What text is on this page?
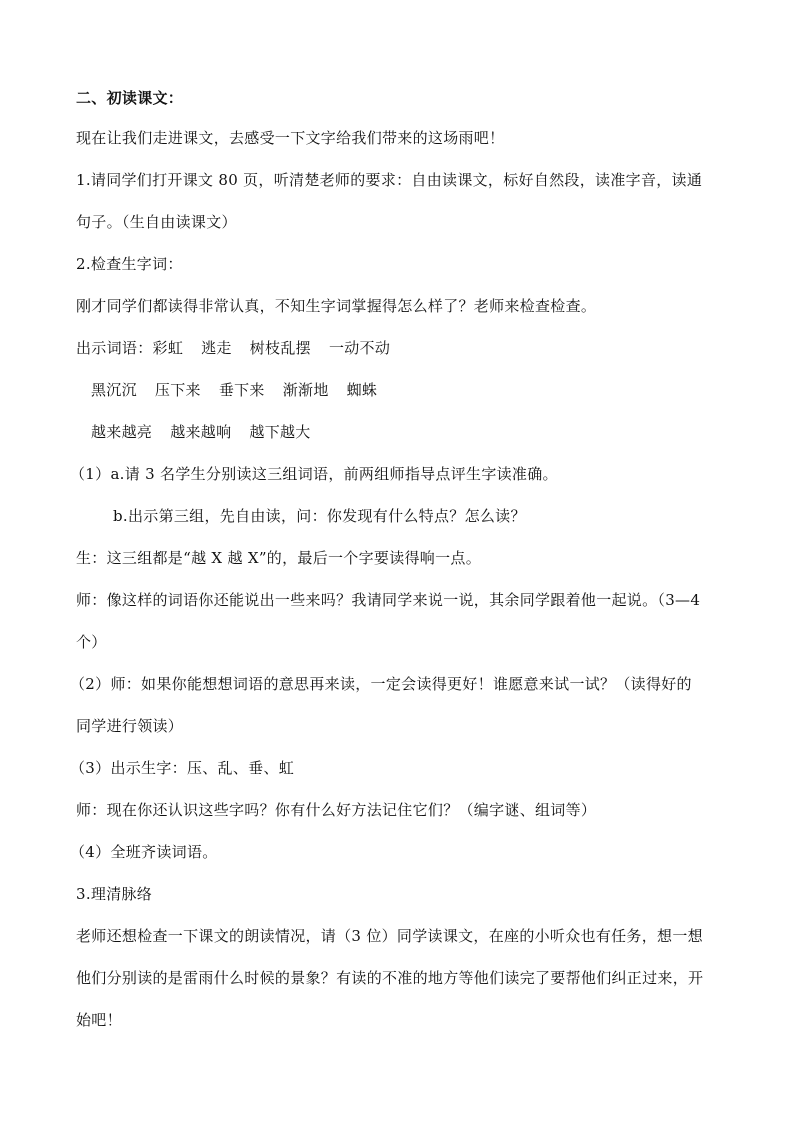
二、初读课文：
现在让我们走进课文，去感受一下文字给我们带来的这场雨吧！
1.请同学们打开课文 80 页，听清楚老师的要求：自由读课文，标好自然段，读准字音，读通
句子。（生自由读课文）
2.检查生字词：
刚才同学们都读得非常认真，不知生字词掌握得怎么样了？老师来检查检查。
出示词语：彩虹 逃走 树枝乱摆 一动不动
黑沉沉 压下来 垂下来 渐渐地 蜘蛛
越来越亮 越来越响 越下越大
（1）a.请 3 名学生分别读这三组词语，前两组师指导点评生字读准确。
b.出示第三组，先自由读，问：你发现有什么特点？怎么读？
生：这三组都是“越 X 越 X”的，最后一个字要读得响一点。
师：像这样的词语你还能说出一些来吗？我请同学来说一说，其余同学跟着他一起说。（3—4
个）
（2）师：如果你能想想词语的意思再来读，一定会读得更好！谁愿意来试一试？（读得好的
同学进行领读）
（3）出示生字：压、乱、垂、虹
师：现在你还认识这些字吗？你有什么好方法记住它们？（编字谜、组词等）
（4）全班齐读词语。
3.理清脉络
老师还想检查一下课文的朗读情况，请（3 位）同学读课文，在座的小听众也有任务，想一想
他们分别读的是雷雨什么时候的景象？有读的不准的地方等他们读完了要帮他们纠正过来，开
始吧！
